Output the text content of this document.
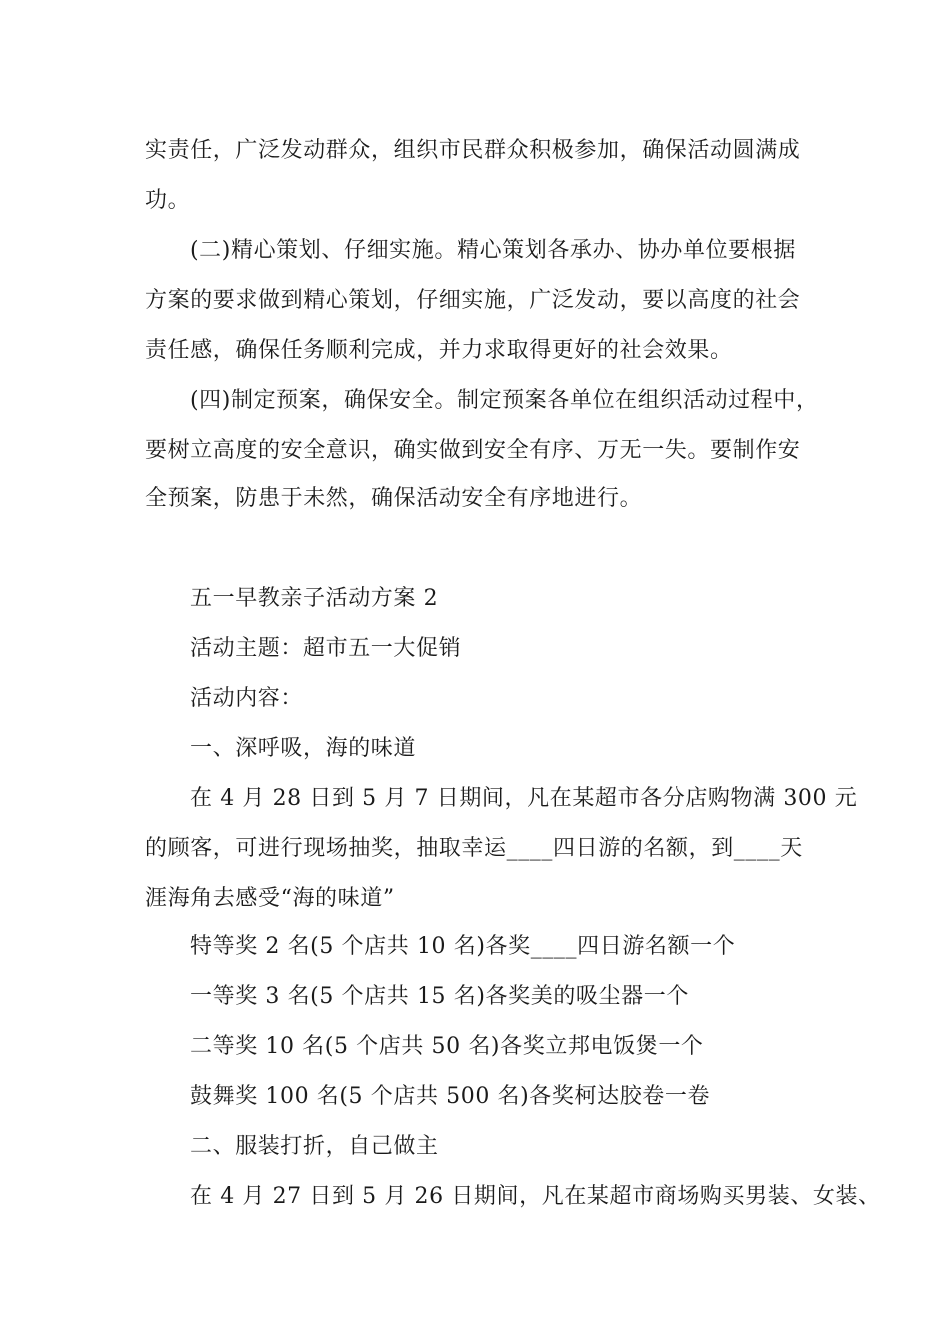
实责任，广泛发动群众，组织市民群众积极参加，确保活动圆满成
功。
(二)精心策划、仔细实施。精心策划各承办、协办单位要根据
方案的要求做到精心策划，仔细实施，广泛发动，要以高度的社会
责任感，确保任务顺利完成，并力求取得更好的社会效果。
(四)制定预案，确保安全。制定预案各单位在组织活动过程中，
要树立高度的安全意识，确实做到安全有序、万无一失。要制作安
全预案，防患于未然，确保活动安全有序地进行。
五一早教亲子活动方案 2
活动主题：超市五一大促销
活动内容：
一、深呼吸，海的味道
在 4 月 28 日到 5 月 7 日期间，凡在某超市各分店购物满 300 元
的顾客，可进行现场抽奖，抽取幸运____四日游的名额，到____天
涯海角去感受“海的味道”
特等奖 2 名(5 个店共 10 名)各奖____四日游名额一个
一等奖 3 名(5 个店共 15 名)各奖美的吸尘器一个
二等奖 10 名(5 个店共 50 名)各奖立邦电饭煲一个
鼓舞奖 100 名(5 个店共 500 名)各奖柯达胶卷一卷
二、服装打折，自己做主
在 4 月 27 日到 5 月 26 日期间，凡在某超市商场购买男装、女装、
